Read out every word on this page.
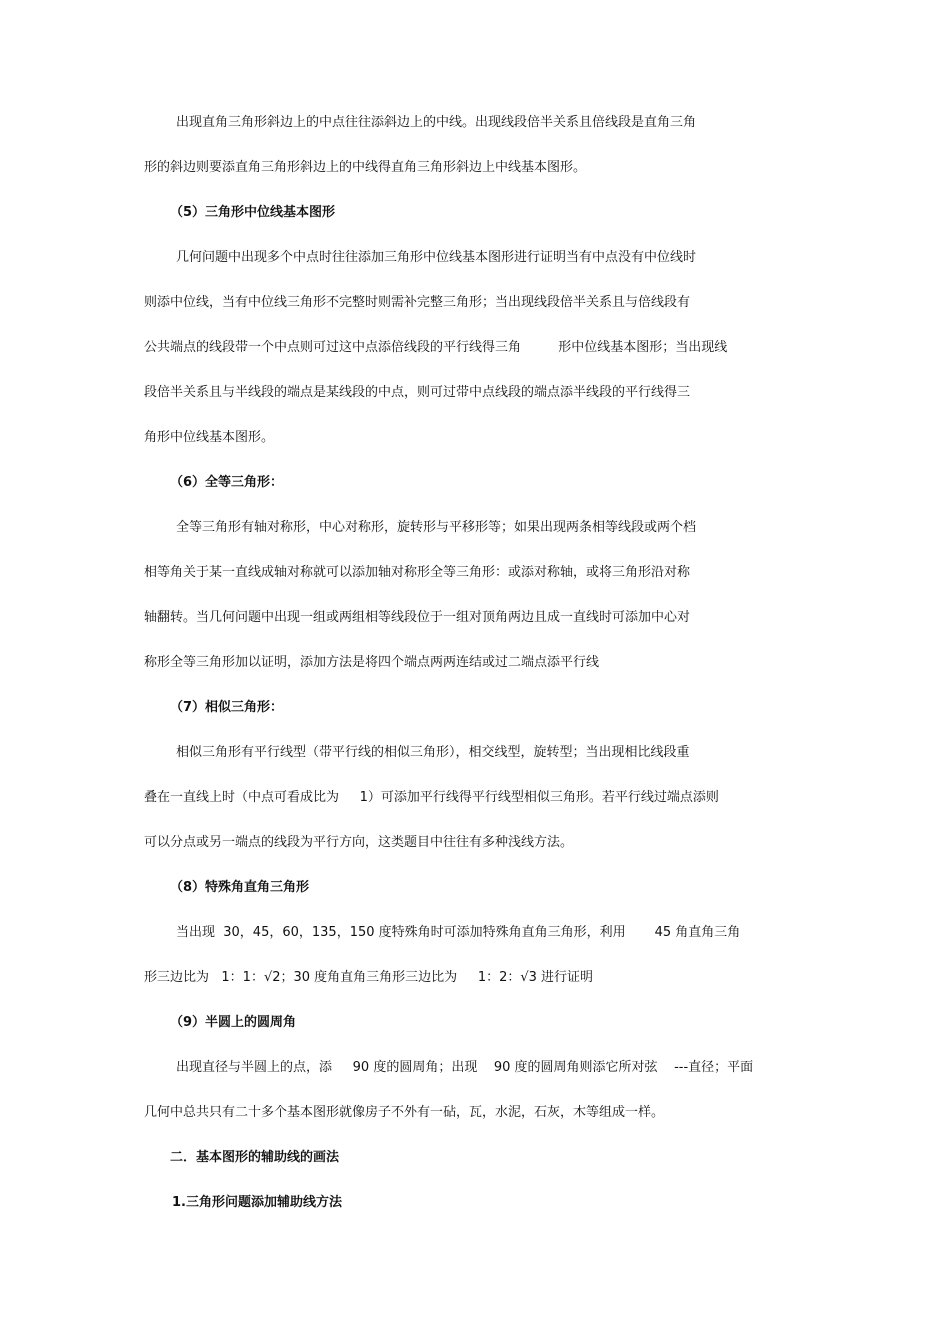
出现直角三角形斜边上的中点往往添斜边上的中线。出现线段倍半关系且倍线段是直角三角

形的斜边则要添直角三角形斜边上的中线得直角三角形斜边上中线基本图形。

（5）三角形中位线基本图形

几何问题中出现多个中点时往往添加三角形中位线基本图形进行证明当有中点没有中位线时

则添中位线，当有中位线三角形不完整时则需补完整三角形；当出现线段倍半关系且与倍线段有

公共端点的线段带一个中点则可过这中点添倍线段的平行线得三角         形中位线基本图形；当出现线

段倍半关系且与半线段的端点是某线段的中点，则可过带中点线段的端点添半线段的平行线得三

角形中位线基本图形。

（6）全等三角形：

全等三角形有轴对称形，中心对称形，旋转形与平移形等；如果出现两条相等线段或两个档

相等角关于某一直线成轴对称就可以添加轴对称形全等三角形：或添对称轴，或将三角形沿对称

轴翻转。当几何问题中出现一组或两组相等线段位于一组对顶角两边且成一直线时可添加中心对

称形全等三角形加以证明，添加方法是将四个端点两两连结或过二端点添平行线

（7）相似三角形：

相似三角形有平行线型（带平行线的相似三角形），相交线型，旋转型；当出现相比线段重

叠在一直线上时（中点可看成比为     1）可添加平行线得平行线型相似三角形。若平行线过端点添则

可以分点或另一端点的线段为平行方向，这类题目中往往有多种浅线方法。

（8）特殊角直角三角形

当出现  30，45，60，135，150 度特殊角时可添加特殊角直角三角形，利用       45 角直角三角

形三边比为   1：1：√2；30 度角直角三角形三边比为     1：2：√3 进行证明

（9）半圆上的圆周角

出现直径与半圆上的点，添     90 度的圆周角；出现    90 度的圆周角则添它所对弦    ---直径；平面

几何中总共只有二十多个基本图形就像房子不外有一砧，瓦，水泥，石灰，木等组成一样。

二．基本图形的辅助线的画法

1.三角形问题添加辅助线方法
